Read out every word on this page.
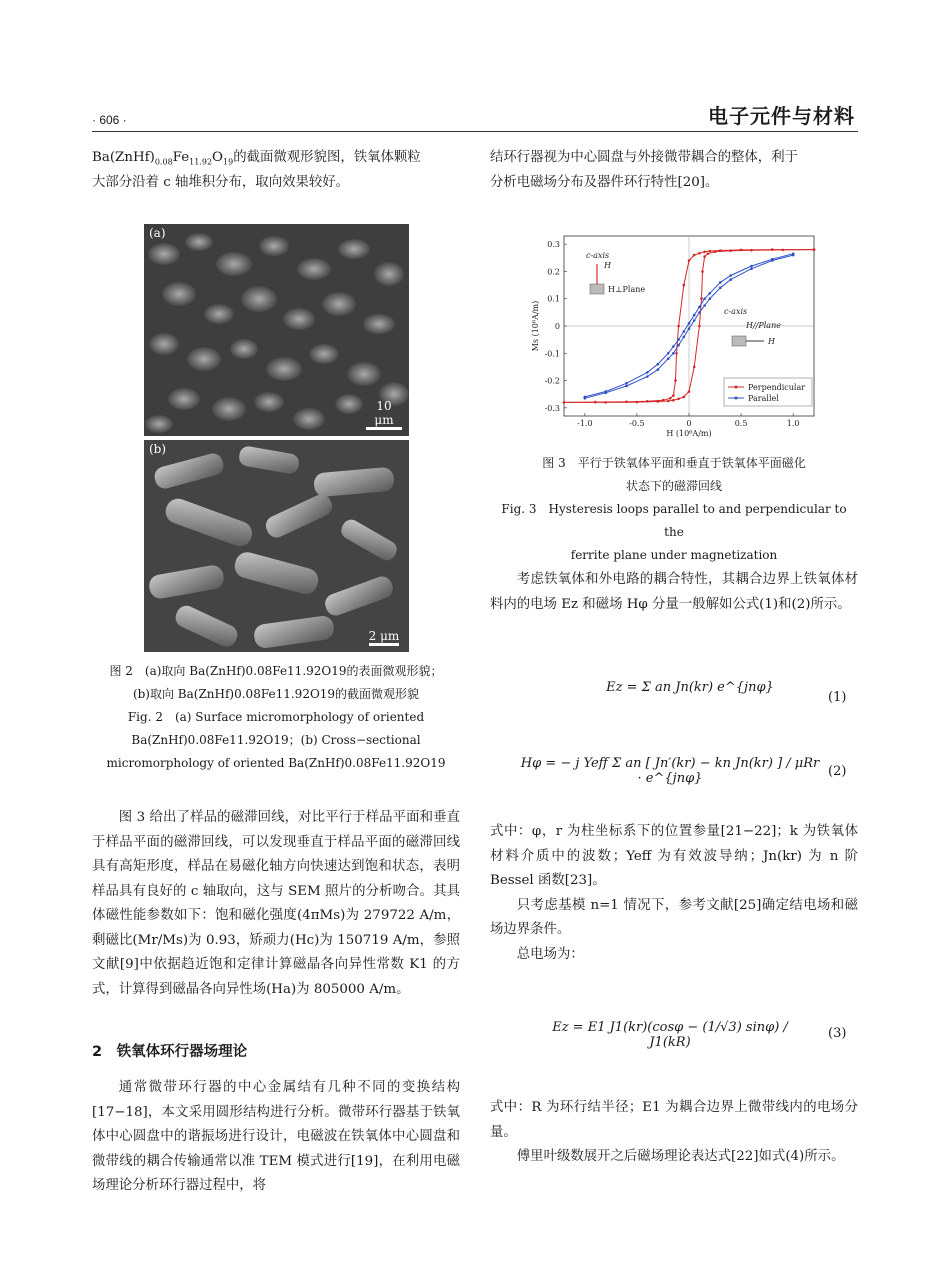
· 606 ·	电子元件与材料

$Ba(ZnHf)_{0.08}Fe_{11.92}O_{19}$的截面微观形貌图，铁氧体颗粒

大部分沿着 c 轴堆积分布，取向效果较好。

(a)
10 μm
(b)
2 μm
图 2　(a)取向 Ba(ZnHf)0.08Fe11.92O19的表面微观形貌；
(b)取向 Ba(ZnHf)0.08Fe11.92O19的截面微观形貌
Fig. 2　(a) Surface micromorphology of oriented
Ba(ZnHf)0.08Fe11.92O19；(b) Cross−sectional
micromorphology of oriented Ba(ZnHf)0.08Fe11.92O19

图 3 给出了样品的磁滞回线，对比平行于样品平面和垂直于样品平面的磁滞回线，可以发现垂直于样品平面的磁滞回线具有高矩形度，样品在易磁化轴方向快速达到饱和状态，表明样品具有良好的 c 轴取向，这与 SEM 照片的分析吻合。其具体磁性能参数如下：饱和磁化强度(4πMs)为 279722 A/m，剩磁比(Mr/Ms)为 0.93，矫顽力(Hc)为 150719 A/m，参照文献[9]中依据趋近饱和定律计算磁晶各向异性常数 K1 的方式，计算得到磁晶各向异性场(Ha)为 805000 A/m。

2　铁氧体环行器场理论

通常微带环行器的中心金属结有几种不同的变换结构[17−18]，本文采用圆形结构进行分析。微带环行器基于铁氧体中心圆盘中的谐振场进行设计，电磁波在铁氧体中心圆盘和微带线的耦合传输通常以准 TEM 模式进行[19]，在利用电磁场理论分析环行器过程中，将

结环行器视为中心圆盘与外接微带耦合的整体，利于

分析电磁场分布及器件环行特性[20]。

-1.0	-0.5	0	0.5	1.0
0.3
0.2
0.1
0
-0.1
-0.2
-0.3
H (10⁶A/m)
Ms (10⁶A/m)
c-axis
H
H⊥Plane
c-axis
H//Plane
H
Perpendicular
Parallel
图 3　平行于铁氧体平面和垂直于铁氧体平面磁化
状态下的磁滞回线
Fig. 3　Hysteresis loops parallel to and perpendicular to the
ferrite plane under magnetization

考虑铁氧体和外电路的耦合特性，其耦合边界上铁氧体材料内的电场 Ez 和磁场 Hφ 分量一般解如公式(1)和(2)所示。

Ez = Σ an Jn(kr) e^{jnφ}
(1)
Hφ = − j Yeff Σ an [ Jn′(kr) − kn Jn(kr) ] / μRr · e^{jnφ}	(2)

式中：φ，r 为柱坐标系下的位置参量[21−22]；k 为铁氧体材料介质中的波数；Yeff 为有效波导纳；Jn(kr) 为 n 阶 Bessel 函数[23]。

只考虑基模 n=1 情况下，参考文献[25]确定结电场和磁场边界条件。

总电场为：

Ez = E1 J1(kr)(cosφ − (1/√3) sinφ) / J1(kR)
(3)

式中：R 为环行结半径；E1 为耦合边界上微带线内的电场分量。

傅里叶级数展开之后磁场理论表达式[22]如式(4)所示。
